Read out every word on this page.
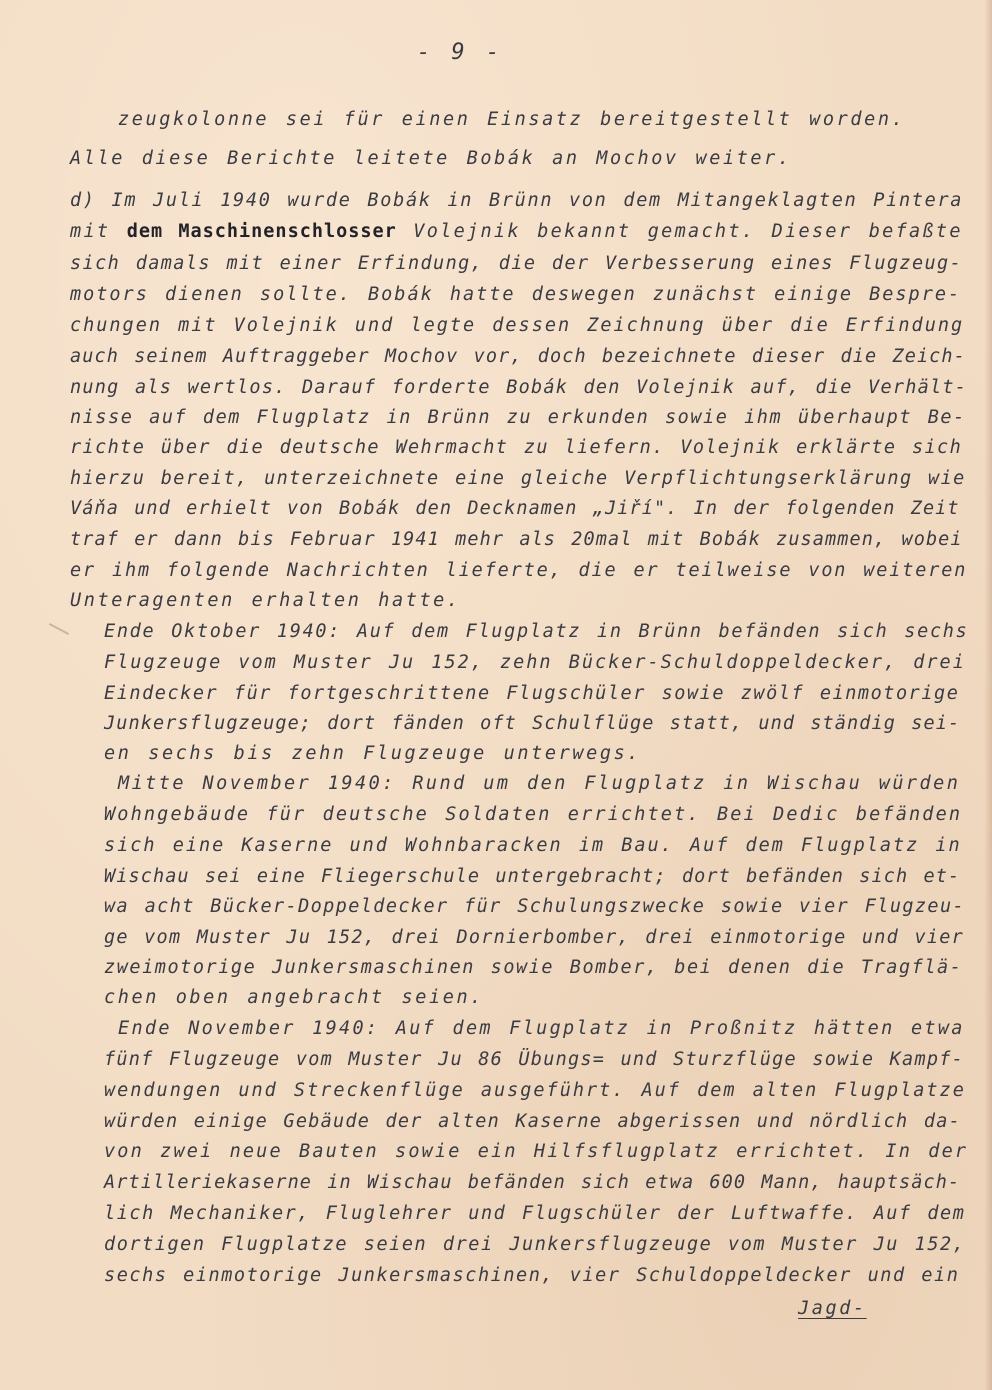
- 9 -
zeugkolonne sei für einen Einsatz bereitgestellt worden.
Alle diese Berichte leitete Bobák an Mochov weiter.
d) Im Juli 1940 wurde Bobák in Brünn von dem Mitangeklagten Pintera
mit dem Maschinenschlosser Volejnik bekannt gemacht. Dieser befaßte
sich damals mit einer Erfindung, die der Verbesserung eines Flugzeug-
motors dienen sollte. Bobák hatte deswegen zunächst einige Bespre-
chungen mit Volejnik und legte dessen Zeichnung über die Erfindung
auch seinem Auftraggeber Mochov vor, doch bezeichnete dieser die Zeich-
nung als wertlos. Darauf forderte Bobák den Volejnik auf, die Verhält-
nisse auf dem Flugplatz in Brünn zu erkunden sowie ihm überhaupt Be-
richte über die deutsche Wehrmacht zu liefern. Volejnik erklärte sich
hierzu bereit, unterzeichnete eine gleiche Verpflichtungserklärung wie
Váňa und erhielt von Bobák den Decknamen „Jiří". In der folgenden Zeit
traf er dann bis Februar 1941 mehr als 20mal mit Bobák zusammen, wobei
er ihm folgende Nachrichten lieferte, die er teilweise von weiteren
Unteragenten erhalten hatte.
Ende Oktober 1940: Auf dem Flugplatz in Brünn befänden sich sechs
Flugzeuge vom Muster Ju 152, zehn Bücker-Schuldoppeldecker, drei
Eindecker für fortgeschrittene Flugschüler sowie zwölf einmotorige
Junkersflugzeuge; dort fänden oft Schulflüge statt, und ständig sei-
en sechs bis zehn Flugzeuge unterwegs.
Mitte November 1940: Rund um den Flugplatz in Wischau würden
Wohngebäude für deutsche Soldaten errichtet. Bei Dedic befänden
sich eine Kaserne und Wohnbaracken im Bau. Auf dem Flugplatz in
Wischau sei eine Fliegerschule untergebracht; dort befänden sich et-
wa acht Bücker-Doppeldecker für Schulungszwecke sowie vier Flugzeu-
ge vom Muster Ju 152, drei Dornierbomber, drei einmotorige und vier
zweimotorige Junkersmaschinen sowie Bomber, bei denen die Tragflä-
chen oben angebracht seien.
Ende November 1940: Auf dem Flugplatz in Proßnitz hätten etwa
fünf Flugzeuge vom Muster Ju 86 Übungs= und Sturzflüge sowie Kampf-
wendungen und Streckenflüge ausgeführt. Auf dem alten Flugplatze
würden einige Gebäude der alten Kaserne abgerissen und nördlich da-
von zwei neue Bauten sowie ein Hilfsflugplatz errichtet. In der
Artilleriekaserne in Wischau befänden sich etwa 600 Mann, hauptsäch-
lich Mechaniker, Fluglehrer und Flugschüler der Luftwaffe. Auf dem
dortigen Flugplatze seien drei Junkersflugzeuge vom Muster Ju 152,
sechs einmotorige Junkersmaschinen, vier Schuldoppeldecker und ein
Jagd-
